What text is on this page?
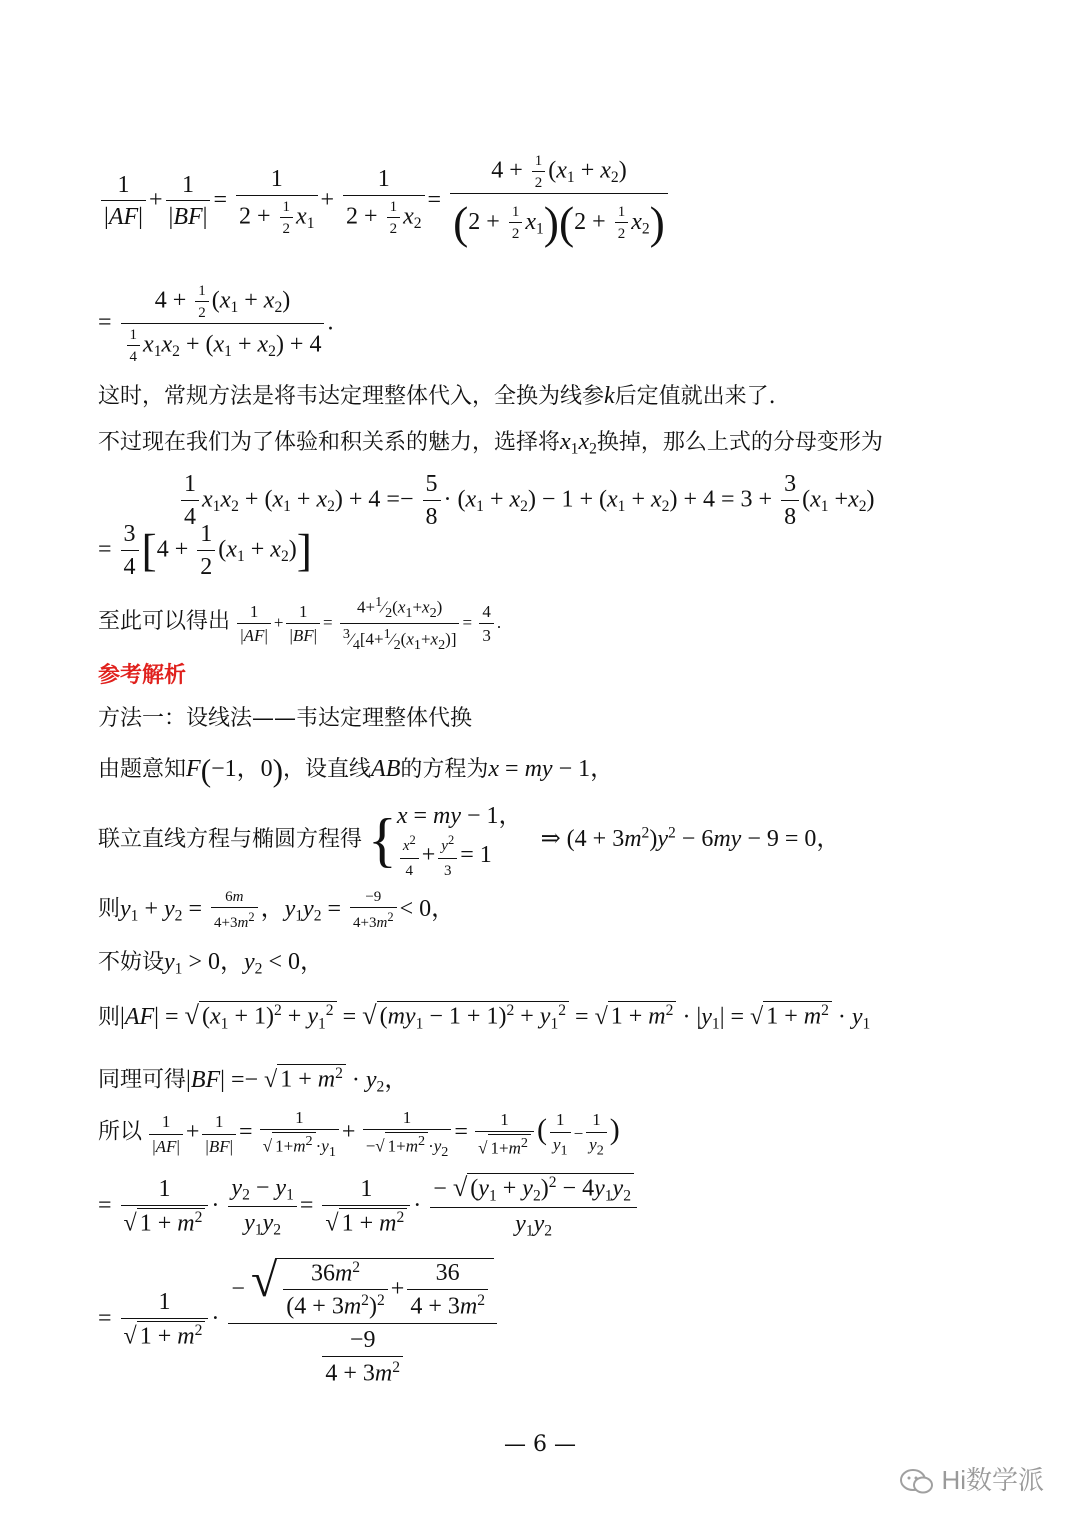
$\frac{1}{|AF|} + \frac{1}{|BF|} = \frac{1}{2 + \frac{1}{2} x_1} + \frac{1}{2 + \frac{1}{2} x_2} = \frac{4 + \frac{1}{2} (x_1 + x_2)}{(2 + \frac{1}{2} x_1)(2 + \frac{1}{2} x_2)}$
= $\frac{4 + \frac{1}{2} (x_1 + x_2)}{\frac{1}{4} x_1x_2 + (x_1 + x_2) + 4}$ .
这时，常规方法是将韦达定理整体代入，全换为线参k后定值就出来了.
不过现在我们为了体验和积关系的魅力，选择将$x_1x_2$换掉，那么上式的分母变形为
$\frac{1}{4} x_1x_2 + (x_1 + x_2) + 4 =- \frac{5}{8} \cdot (x_1 + x_2) - 1 + (x_1 + x_2) + 4 = 3 + \frac{3}{8} (x_1 +x_2)$
= $\frac{3}{4} [4 + \frac{1}{2} (x_1 + x_2)]$
至此可以得出 $\frac{1}{|AF|} + \frac{1}{|BF|} = \frac{4+^1⁄_2(x_1+x_2)}{^3⁄_4[4+^1⁄_2(x_1+x_2)]} = \frac{4}{3}$ .
参考解析
方法一：设线法——韦达定理整体代换
由题意知F(−1，0)，设直线AB的方程为x = my − 1，
联立直线方程与椭圆方程得 { x = my − 1，
$\frac{x^2}{4} + \frac{y^2}{3} = 1$
⇒ $(4 + 3m^2)y^2 - 6my - 9 = 0$，
则$y_1 + y_2 = \frac{6m}{4+3m^2}$ ，$y_1y_2 = \frac{-9}{4+3m^2} < 0$，
不妨设$y_1 > 0$，$y_2 < 0$，
则|AF| = √ $(x_1 + 1)^2 + y_1^2$ = √ $(my_1 - 1 + 1)^2 + y_1^2$ = √ $1 + m^2 \cdot |y_1|$ = √ $1 + m^2 \cdot y_1$
同理可得|BF| =− √ $1 + m^2 \cdot y_2$，
所以 $\frac{1}{|AF|} + \frac{1}{|BF|} = \frac{1}{√ 1+m^2 \cdot y_1} + \frac{1}{-√ 1+m^2 \cdot y_2} = \frac{1}{√ 1+m^2}$ ( $\frac{1}{y_1} - \frac{1}{y_2}$ )
= $\frac{1}{√ 1 + m^2} \cdot \frac{y_2 - y_1}{y_1y_2} = \frac{1}{√ 1 + m^2} \cdot \frac{- √ (y_1 + y_2)^2 - 4y_1y_2}{y_1y_2}$
= $\frac{1}{√ 1 + m^2} \cdot \frac{- √ \frac{36m^2}{(4 + 3m^2)^2} + \frac{36}{4 + 3m^2}}{\frac{-9}{4 + 3m^2}}$
— 6 —
Hi数学派
